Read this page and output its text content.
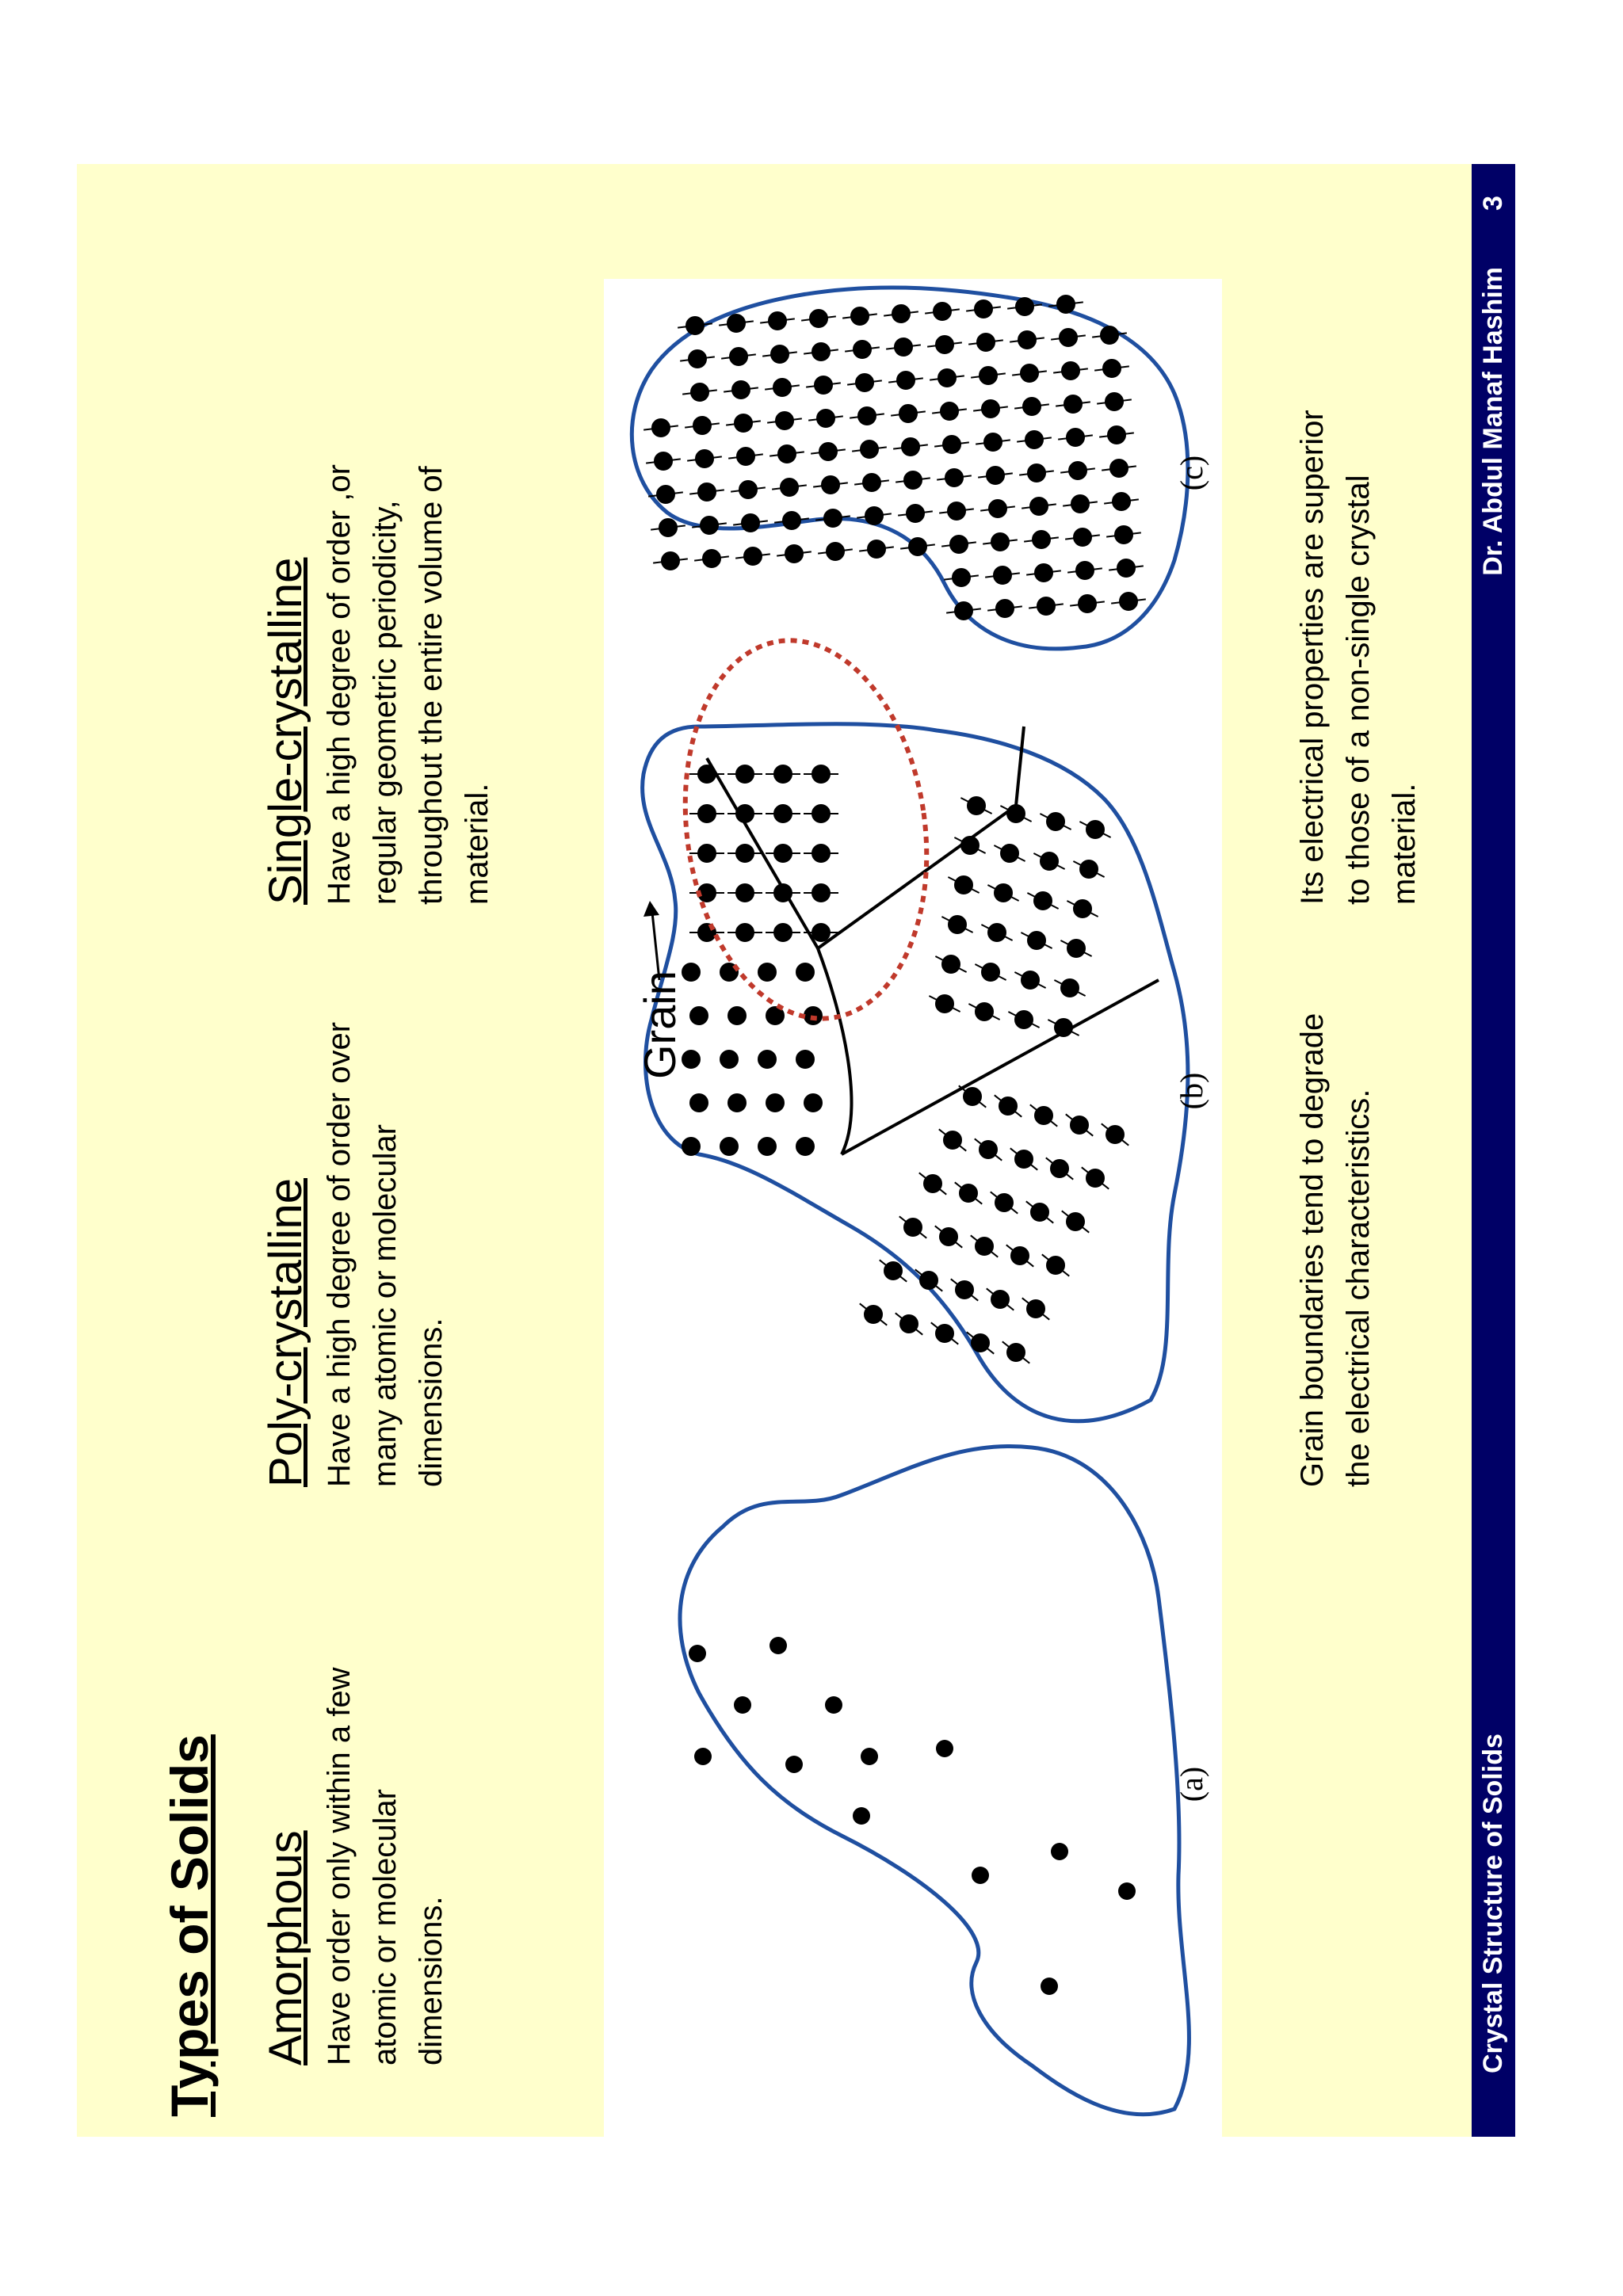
Types of Solids Amorphous Have order only within a few atomic or molecular dimensions.
Poly-crystalline Have a high degree of order over many atomic or molecular dimensions.
Single-crystalline Have a high degree of order ,or regular geometric periodicity, throughout the entire volume of material.
(a)
Grain
(b)
(c)
Grain boundaries tend to degrade the electrical characteristics.
Its electrical properties are superior to those of a non-single crystal material.
Crystal Structure of Solids
Dr. Abdul Manaf Hashim
3
